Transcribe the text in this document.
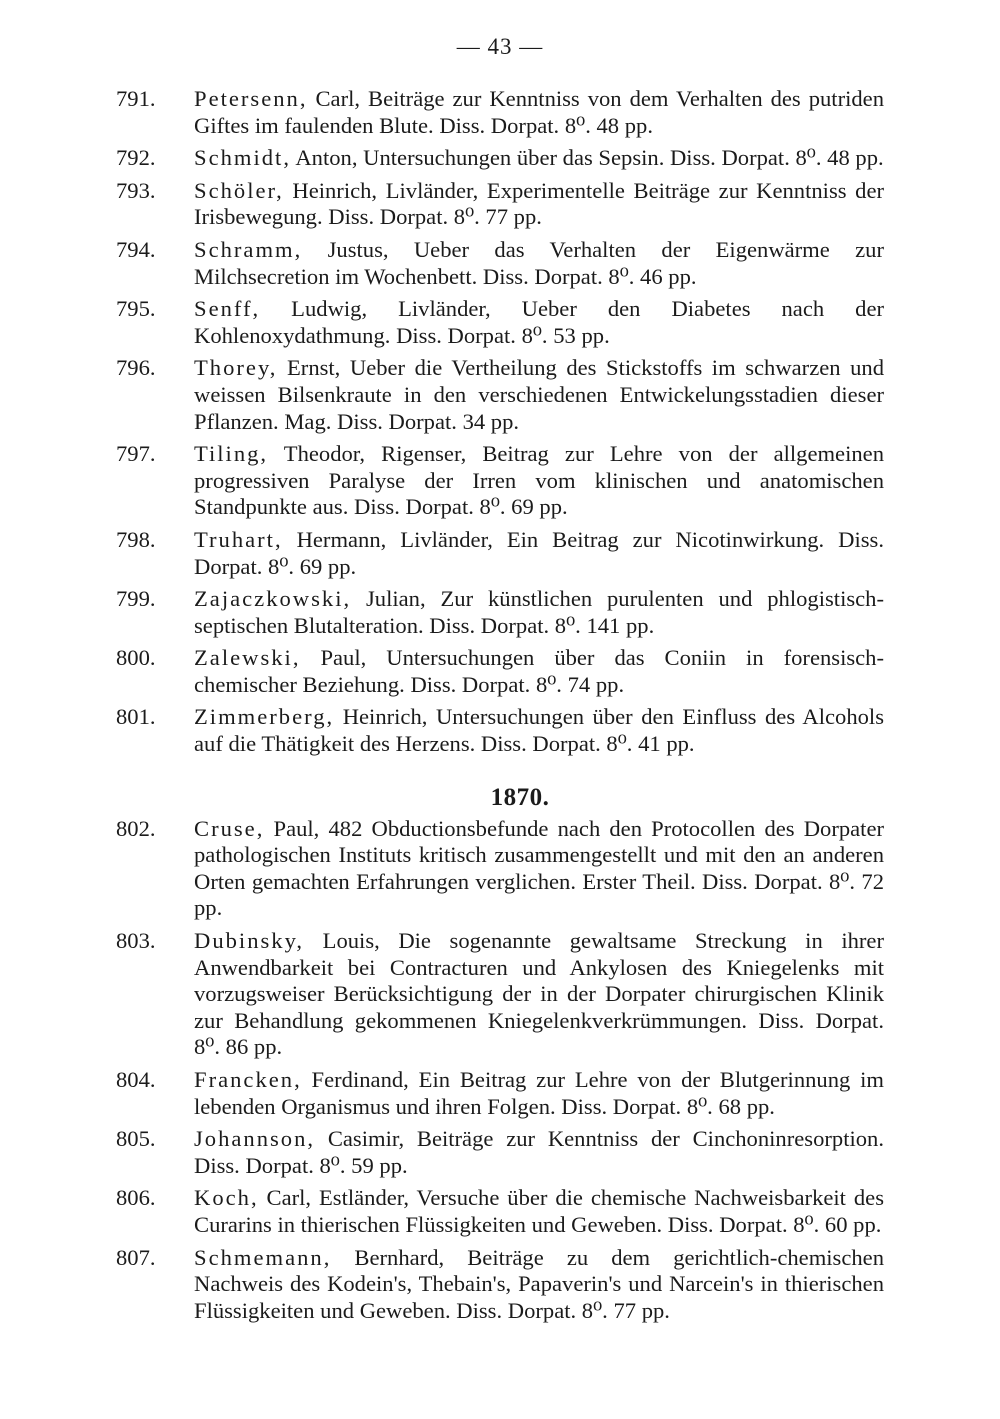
— 43 —
791. Petersenn, Carl, Beiträge zur Kenntniss von dem Verhalten des putriden Giftes im faulenden Blute. Diss. Dorpat. 8⁰. 48 pp.
792. Schmidt, Anton, Untersuchungen über das Sepsin. Diss. Dorpat. 8⁰. 48 pp.
793. Schöler, Heinrich, Livländer, Experimentelle Beiträge zur Kenntniss der Irisbewegung. Diss. Dorpat. 8⁰. 77 pp.
794. Schramm, Justus, Ueber das Verhalten der Eigenwärme zur Milchsecretion im Wochenbett. Diss. Dorpat. 8⁰. 46 pp.
795. Senff, Ludwig, Livländer, Ueber den Diabetes nach der Kohlenoxydathmung. Diss. Dorpat. 8⁰. 53 pp.
796. Thorey, Ernst, Ueber die Vertheilung des Stickstoffs im schwarzen und weissen Bilsenkraute in den verschiedenen Entwickelungsstadien dieser Pflanzen. Mag. Diss. Dorpat. 34 pp.
797. Tiling, Theodor, Rigenser, Beitrag zur Lehre von der allgemeinen progressiven Paralyse der Irren vom klinischen und anatomischen Standpunkte aus. Diss. Dorpat. 8⁰. 69 pp.
798. Truhart, Hermann, Livländer, Ein Beitrag zur Nicotinwirkung. Diss. Dorpat. 8⁰. 69 pp.
799. Zajaczkowski, Julian, Zur künstlichen purulenten und phlogistisch-septischen Blutalteration. Diss. Dorpat. 8⁰. 141 pp.
800. Zalewski, Paul, Untersuchungen über das Coniin in forensisch-chemischer Beziehung. Diss. Dorpat. 8⁰. 74 pp.
801. Zimmerberg, Heinrich, Untersuchungen über den Einfluss des Alcohols auf die Thätigkeit des Herzens. Diss. Dorpat. 8⁰. 41 pp.
1870.
802. Cruse, Paul, 482 Obductionsbefunde nach den Protocollen des Dorpater pathologischen Instituts kritisch zusammengestellt und mit den an anderen Orten gemachten Erfahrungen verglichen. Erster Theil. Diss. Dorpat. 8⁰. 72 pp.
803. Dubinsky, Louis, Die sogenannte gewaltsame Streckung in ihrer Anwendbarkeit bei Contracturen und Ankylosen des Kniegelenks mit vorzugsweiser Berücksichtigung der in der Dorpater chirurgischen Klinik zur Behandlung gekommenen Kniegelenkverkrümmungen. Diss. Dorpat. 8⁰. 86 pp.
804. Francken, Ferdinand, Ein Beitrag zur Lehre von der Blutgerinnung im lebenden Organismus und ihren Folgen. Diss. Dorpat. 8⁰. 68 pp.
805. Johannson, Casimir, Beiträge zur Kenntniss der Cinchoninresorption. Diss. Dorpat. 8⁰. 59 pp.
806. Koch, Carl, Estländer, Versuche über die chemische Nachweisbarkeit des Curarins in thierischen Flüssigkeiten und Geweben. Diss. Dorpat. 8⁰. 60 pp.
807. Schmemann, Bernhard, Beiträge zu dem gerichtlich-chemischen Nachweis des Kodein's, Thebain's, Papaverin's und Narcein's in thierischen Flüssigkeiten und Geweben. Diss. Dorpat. 8⁰. 77 pp.
